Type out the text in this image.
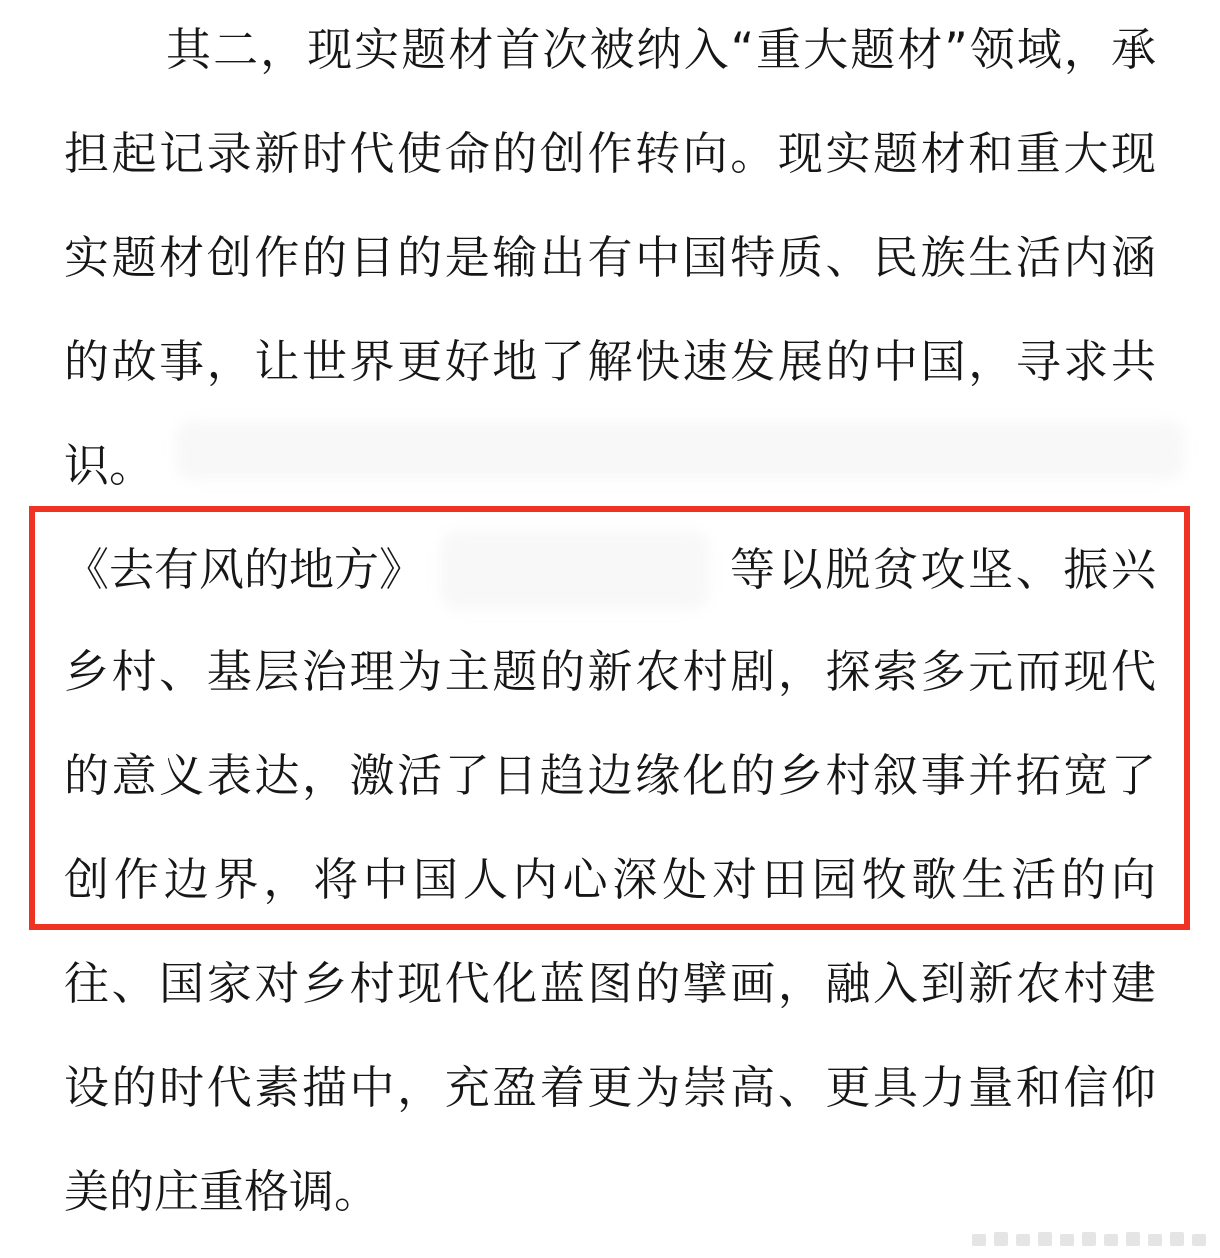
其二，现实题材首次被纳入“重大题材”领域，承
担起记录新时代使命的创作转向。现实题材和重大现
实题材创作的目的是输出有中国特质、民族生活内涵
的故事，让世界更好地了解快速发展的中国，寻求共
识。
《去有风的地方》	等以脱贫攻坚、振兴
乡村、基层治理为主题的新农村剧，探索多元而现代
的意义表达，激活了日趋边缘化的乡村叙事并拓宽了
创作边界，将中国人内心深处对田园牧歌生活的向
往、国家对乡村现代化蓝图的擘画，融入到新农村建
设的时代素描中，充盈着更为崇高、更具力量和信仰
美的庄重格调。
